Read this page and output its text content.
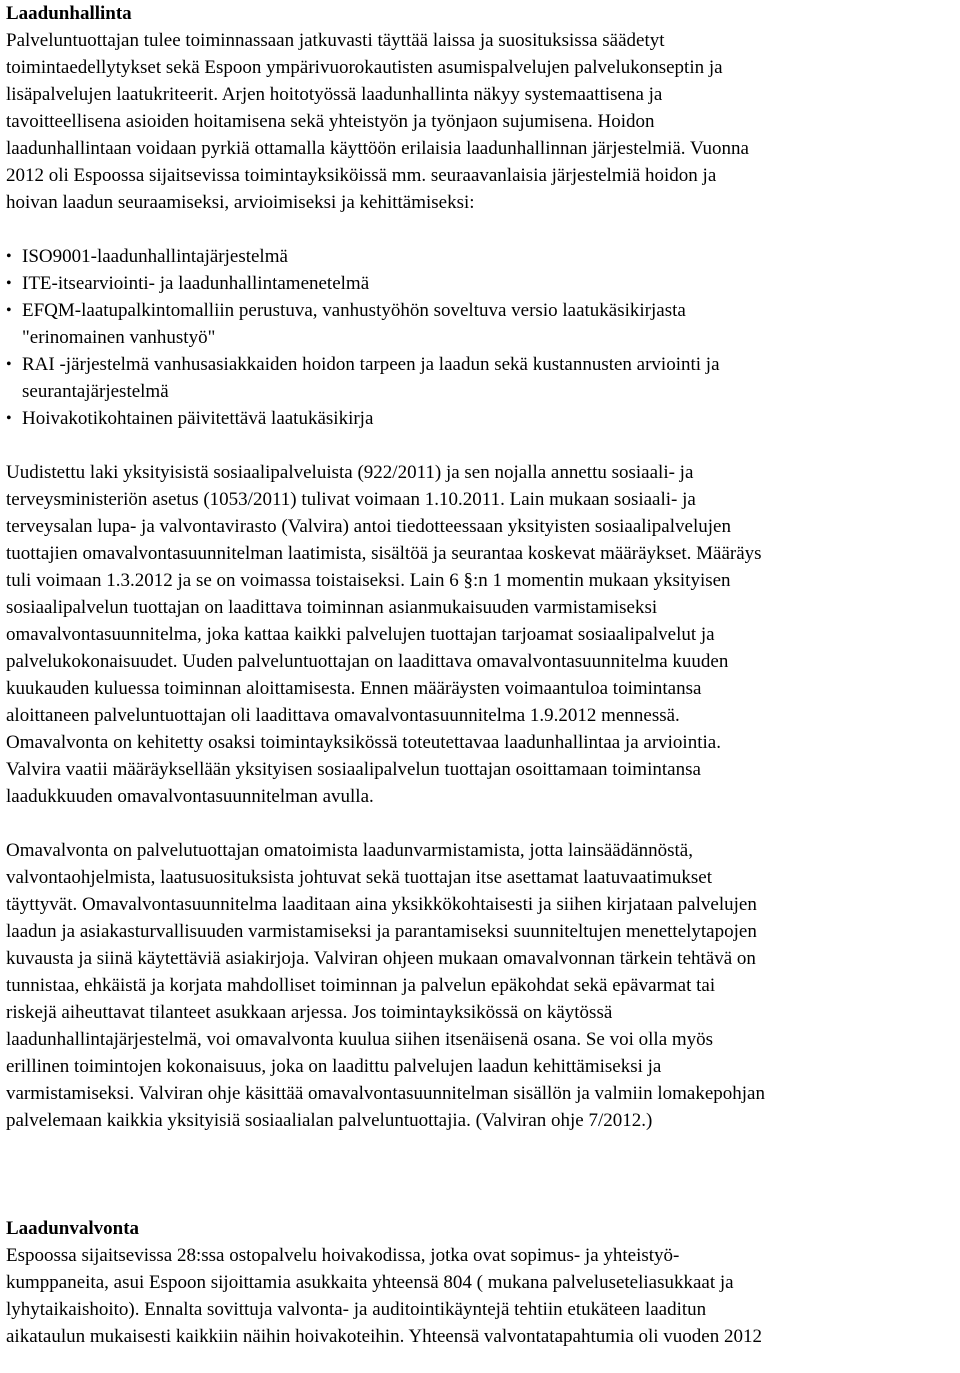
Laadunhallinta

Palveluntuottajan tulee toiminnassaan jatkuvasti täyttää laissa ja suosituksissa säädetyt
toimintaedellytykset sekä Espoon ympärivuorokautisten asumispalvelujen palvelukonseptin ja
lisäpalvelujen laatukriteerit. Arjen hoitotyössä laadunhallinta näkyy systemaattisena ja
tavoitteellisena asioiden hoitamisena sekä yhteistyön ja työnjaon sujumisena. Hoidon
laadunhallintaan voidaan pyrkiä ottamalla käyttöön erilaisia laadunhallinnan järjestelmiä. Vuonna
2012 oli Espoossa sijaitsevissa toimintayksiköissä mm. seuraavanlaisia järjestelmiä hoidon ja
hoivan laadun seuraamiseksi, arvioimiseksi ja kehittämiseksi:

• ISO9001-laadunhallintajärjestelmä
• ITE-itsearviointi- ja laadunhallintamenetelmä
• EFQM-laatupalkintomalliin perustuva, vanhustyöhön soveltuva versio laatukäsikirjasta
"erinomainen vanhustyö"
• RAI -järjestelmä vanhusasiakkaiden hoidon tarpeen ja laadun sekä kustannusten arviointi ja
seurantajärjestelmä
• Hoivakotikohtainen päivitettävä laatukäsikirja

Uudistettu laki yksityisistä sosiaalipalveluista (922/2011) ja sen nojalla annettu sosiaali- ja
terveysministeriön asetus (1053/2011) tulivat voimaan 1.10.2011. Lain mukaan sosiaali- ja
terveysalan lupa- ja valvontavirasto (Valvira) antoi tiedotteessaan yksityisten sosiaalipalvelujen
tuottajien omavalvontasuunnitelman laatimista, sisältöä ja seurantaa koskevat määräykset. Määräys
tuli voimaan 1.3.2012 ja se on voimassa toistaiseksi. Lain 6 §:n 1 momentin mukaan yksityisen
sosiaalipalvelun tuottajan on laadittava toiminnan asianmukaisuuden varmistamiseksi
omavalvontasuunnitelma, joka kattaa kaikki palvelujen tuottajan tarjoamat sosiaalipalvelut ja
palvelukokonaisuudet. Uuden palveluntuottajan on laadittava omavalvontasuunnitelma kuuden
kuukauden kuluessa toiminnan aloittamisesta. Ennen määräysten voimaantuloa toimintansa
aloittaneen palveluntuottajan oli laadittava omavalvontasuunnitelma 1.9.2012 mennessä.
Omavalvonta on kehitetty osaksi toimintayksikössä toteutettavaa laadunhallintaa ja arviointia.
Valvira vaatii määräyksellään yksityisen sosiaalipalvelun tuottajan osoittamaan toimintansa
laadukkuuden omavalvontasuunnitelman avulla.

Omavalvonta on palvelutuottajan omatoimista laadunvarmistamista, jotta lainsäädännöstä,
valvontaohjelmista, laatusuosituksista johtuvat sekä tuottajan itse asettamat laatuvaatimukset
täyttyvät. Omavalvontasuunnitelma laaditaan aina yksikkökohtaisesti ja siihen kirjataan palvelujen
laadun ja asiakasturvallisuuden varmistamiseksi ja parantamiseksi suunniteltujen menettelytapojen
kuvausta ja siinä käytettäviä asiakirjoja. Valviran ohjeen mukaan omavalvonnan tärkein tehtävä on
tunnistaa, ehkäistä ja korjata mahdolliset toiminnan ja palvelun epäkohdat sekä epävarmat tai
riskejä aiheuttavat tilanteet asukkaan arjessa. Jos toimintayksikössä on käytössä
laadunhallintajärjestelmä, voi omavalvonta kuulua siihen itsenäisenä osana. Se voi olla myös
erillinen toimintojen kokonaisuus, joka on laadittu palvelujen laadun kehittämiseksi ja
varmistamiseksi. Valviran ohje käsittää omavalvontasuunnitelman sisällön ja valmiin lomakepohjan
palvelemaan kaikkia yksityisiä sosiaalialan palveluntuottajia. (Valviran ohje 7/2012.)

Laadunvalvonta

Espoossa sijaitsevissa 28:ssa ostopalvelu hoivakodissa, jotka ovat sopimus- ja yhteistyö-
kumppaneita, asui Espoon sijoittamia asukkaita yhteensä 804 ( mukana palveluseteliasukkaat ja
lyhytaikaishoito). Ennalta sovittuja valvonta- ja auditointikäyntejä tehtiin etukäteen laaditun
aikataulun mukaisesti kaikkiin näihin hoivakoteihin. Yhteensä valvontatapahtumia oli vuoden 2012
